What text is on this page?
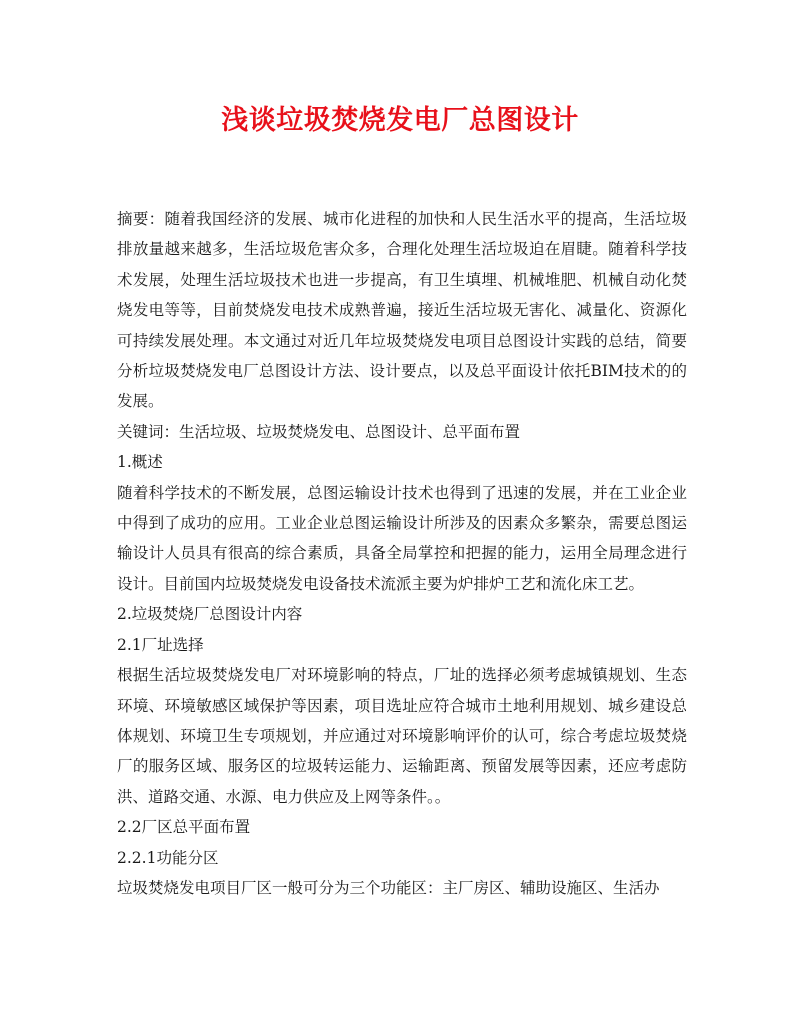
浅谈垃圾焚烧发电厂总图设计

摘要：随着我国经济的发展、城市化进程的加快和人民生活水平的提高，生活垃圾排放量越来越多，生活垃圾危害众多，合理化处理生活垃圾迫在眉睫。随着科学技术发展，处理生活垃圾技术也进一步提高，有卫生填埋、机械堆肥、机械自动化焚烧发电等等，目前焚烧发电技术成熟普遍，接近生活垃圾无害化、减量化、资源化可持续发展处理。本文通过对近几年垃圾焚烧发电项目总图设计实践的总结，简要分析垃圾焚烧发电厂总图设计方法、设计要点，以及总平面设计依托BIM技术的的发展。

关键词：生活垃圾、垃圾焚烧发电、总图设计、总平面布置

1.概述

随着科学技术的不断发展，总图运输设计技术也得到了迅速的发展，并在工业企业中得到了成功的应用。工业企业总图运输设计所涉及的因素众多繁杂，需要总图运输设计人员具有很高的综合素质，具备全局掌控和把握的能力，运用全局理念进行设计。目前国内垃圾焚烧发电设备技术流派主要为炉排炉工艺和流化床工艺。

2.垃圾焚烧厂总图设计内容

2.1厂址选择

根据生活垃圾焚烧发电厂对环境影响的特点，厂址的选择必须考虑城镇规划、生态环境、环境敏感区域保护等因素，项目选址应符合城市土地利用规划、城乡建设总体规划、环境卫生专项规划，并应通过对环境影响评价的认可，综合考虑垃圾焚烧厂的服务区域、服务区的垃圾转运能力、运输距离、预留发展等因素，还应考虑防洪、道路交通、水源、电力供应及上网等条件。。

2.2厂区总平面布置

2.2.1功能分区

垃圾焚烧发电项目厂区一般可分为三个功能区：主厂房区、辅助设施区、生活办
